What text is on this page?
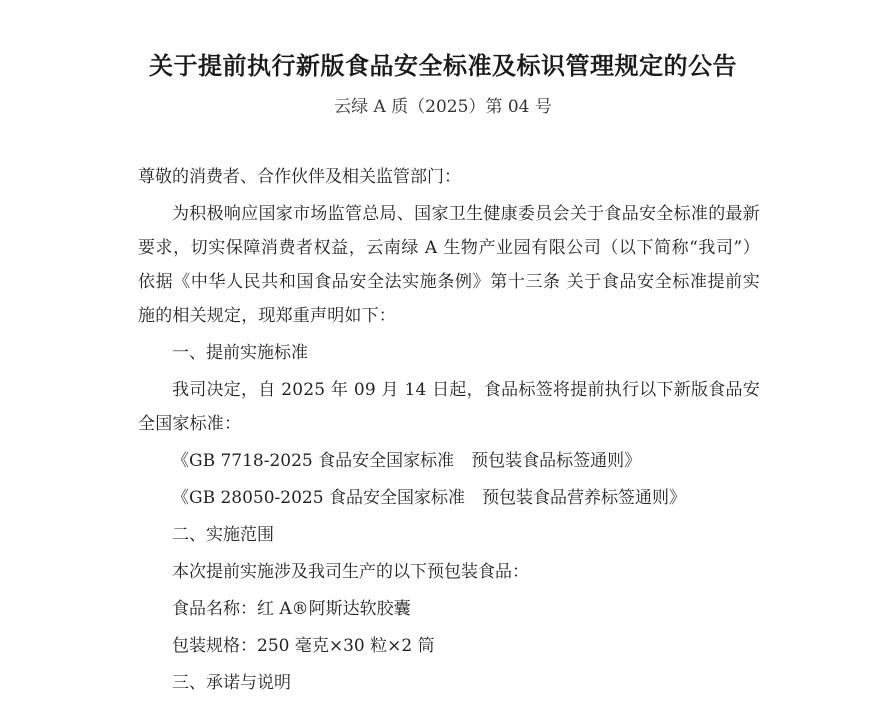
关于提前执行新版食品安全标准及标识管理规定的公告
云绿 A 质（2025）第 04 号
尊敬的消费者、合作伙伴及相关监管部门：
为积极响应国家市场监管总局、国家卫生健康委员会关于食品安全标准的最新要求，切实保障消费者权益，云南绿 A 生物产业园有限公司（以下简称“我司”）依据《中华人民共和国食品安全法实施条例》第十三条 关于食品安全标准提前实施的相关规定，现郑重声明如下：
一、提前实施标准
我司决定，自 2025 年 09 月 14 日起，食品标签将提前执行以下新版食品安全国家标准：
《GB 7718-2025 食品安全国家标准　预包装食品标签通则》
《GB 28050-2025 食品安全国家标准　预包装食品营养标签通则》
二、实施范围
本次提前实施涉及我司生产的以下预包装食品：
食品名称：红 A®阿斯达软胶囊
包装规格：250 毫克×30 粒×2 筒
三、承诺与说明
